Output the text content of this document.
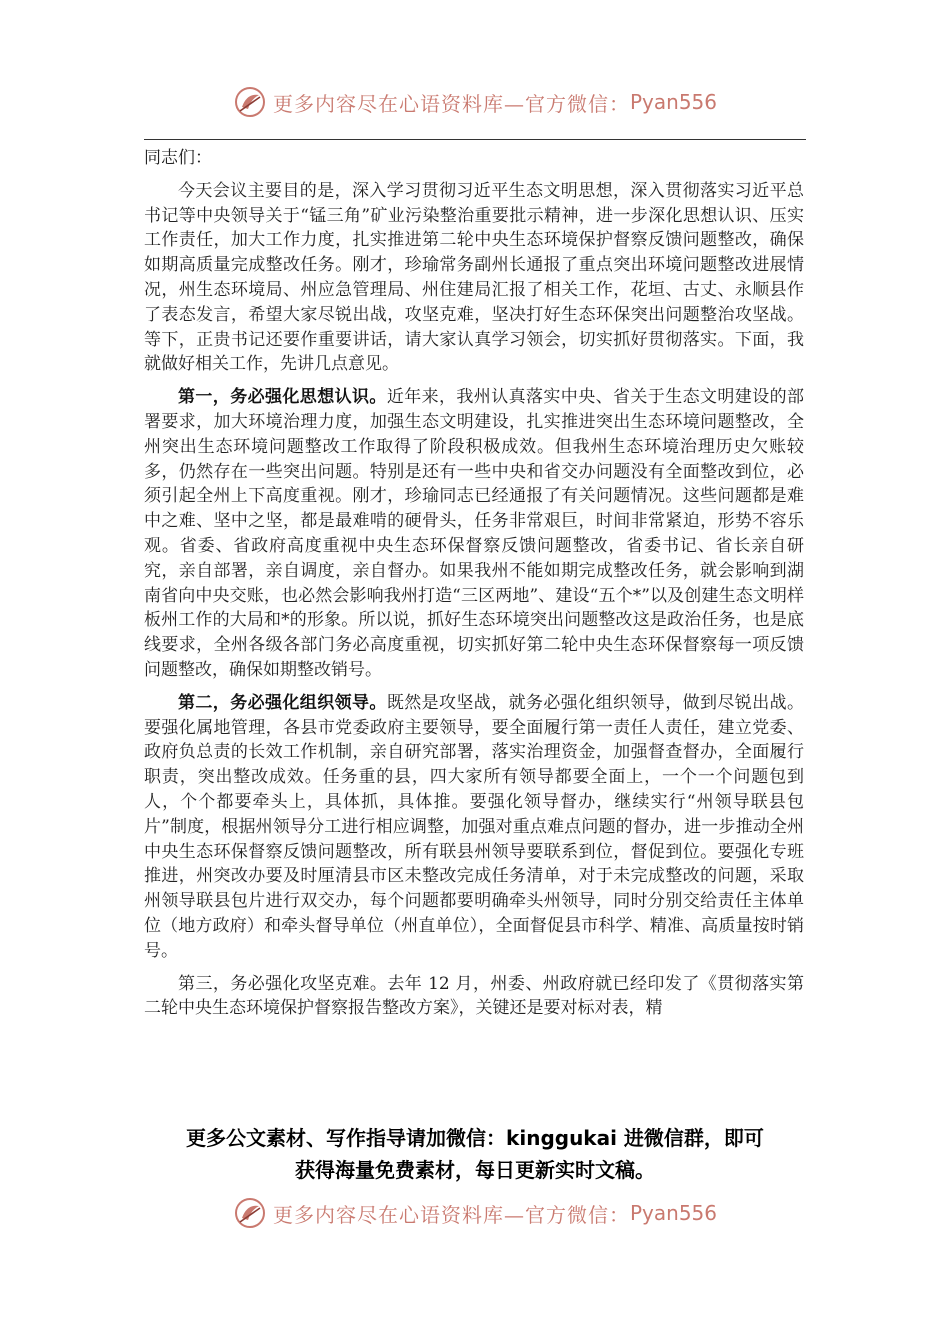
更多内容尽在心语资料库—官方微信： Pyan556

同志们：

今天会议主要目的是，深入学习贯彻习近平生态文明思想，深入贯彻落实习近平总书记等中央领导关于“锰三角”矿业污染整治重要批示精神，进一步深化思想认识、压实工作责任，加大工作力度，扎实推进第二轮中央生态环境保护督察反馈问题整改，确保如期高质量完成整改任务。刚才，珍瑜常务副州长通报了重点突出环境问题整改进展情况，州生态环境局、州应急管理局、州住建局汇报了相关工作，花垣、古丈、永顺县作了表态发言，希望大家尽锐出战，攻坚克难，坚决打好生态环保突出问题整治攻坚战。等下，正贵书记还要作重要讲话，请大家认真学习领会，切实抓好贯彻落实。下面，我就做好相关工作，先讲几点意见。

第一，务必强化思想认识。近年来，我州认真落实中央、省关于生态文明建设的部署要求，加大环境治理力度，加强生态文明建设，扎实推进突出生态环境问题整改，全州突出生态环境问题整改工作取得了阶段积极成效。但我州生态环境治理历史欠账较多，仍然存在一些突出问题。特别是还有一些中央和省交办问题没有全面整改到位，必须引起全州上下高度重视。刚才，珍瑜同志已经通报了有关问题情况。这些问题都是难中之难、坚中之坚，都是最难啃的硬骨头，任务非常艰巨，时间非常紧迫，形势不容乐观。省委、省政府高度重视中央生态环保督察反馈问题整改，省委书记、省长亲自研究，亲自部署，亲自调度，亲自督办。如果我州不能如期完成整改任务，就会影响到湖南省向中央交账，也必然会影响我州打造“三区两地”、建设“五个*”以及创建生态文明样板州工作的大局和*的形象。所以说，抓好生态环境突出问题整改这是政治任务，也是底线要求，全州各级各部门务必高度重视，切实抓好第二轮中央生态环保督察每一项反馈问题整改，确保如期整改销号。

第二，务必强化组织领导。既然是攻坚战，就务必强化组织领导，做到尽锐出战。要强化属地管理，各县市党委政府主要领导，要全面履行第一责任人责任，建立党委、政府负总责的长效工作机制，亲自研究部署，落实治理资金，加强督查督办，全面履行职责，突出整改成效。任务重的县，四大家所有领导都要全面上，一个一个问题包到人，个个都要牵头上，具体抓，具体推。要强化领导督办，继续实行“州领导联县包片”制度，根据州领导分工进行相应调整，加强对重点难点问题的督办，进一步推动全州中央生态环保督察反馈问题整改，所有联县州领导要联系到位，督促到位。要强化专班推进，州突改办要及时厘清县市区未整改完成任务清单，对于未完成整改的问题，采取州领导联县包片进行双交办，每个问题都要明确牵头州领导，同时分别交给责任主体单位（地方政府）和牵头督导单位（州直单位），全面督促县市科学、精准、高质量按时销号。

第三，务必强化攻坚克难。去年 12 月，州委、州政府就已经印发了《贯彻落实第二轮中央生态环境保护督察报告整改方案》，关键还是要对标对表，精

更多公文素材、写作指导请加微信：kinggukai 进微信群，即可
获得海量免费素材，每日更新实时文稿。
更多内容尽在心语资料库—官方微信： Pyan556
